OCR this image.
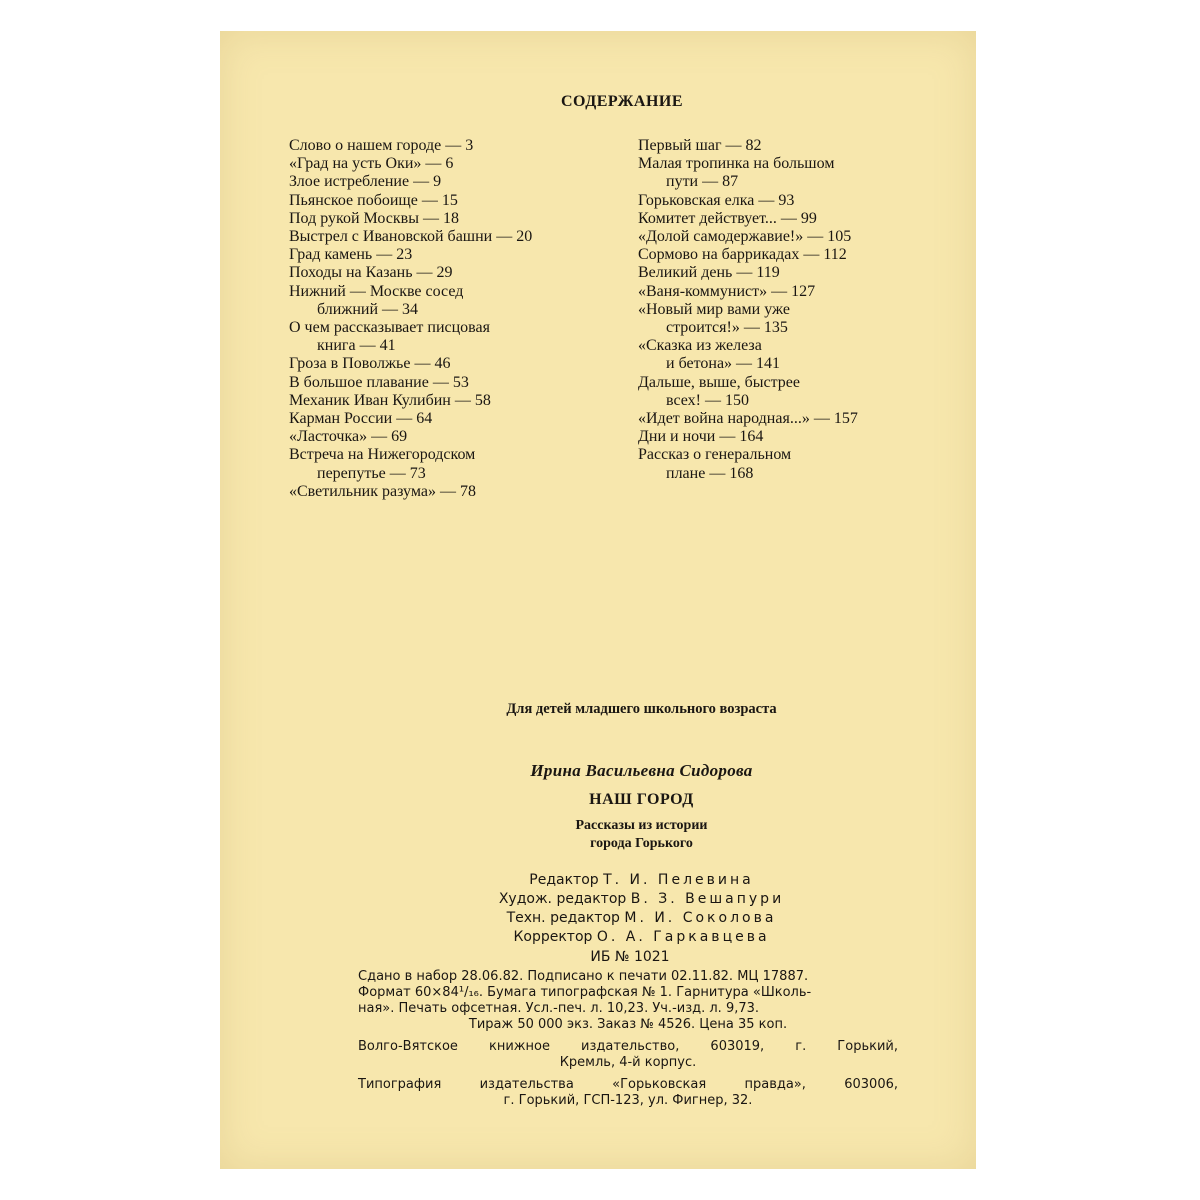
СОДЕРЖАНИЕ
Слово о нашем городе — 3
«Град на усть Оки» — 6
Злое истребление — 9
Пьянское побоище — 15
Под рукой Москвы — 18
Выстрел с Ивановской башни — 20
Град камень — 23
Походы на Казань — 29
Нижний — Москве сосед
ближний — 34
О чем рассказывает писцовая
книга — 41
Гроза в Поволжье — 46
В большое плавание — 53
Механик Иван Кулибин — 58
Карман России — 64
«Ласточка» — 69
Встреча на Нижегородском
перепутье — 73
«Светильник разума» — 78
Первый шаг — 82
Малая тропинка на большом
пути — 87
Горьковская елка — 93
Комитет действует... — 99
«Долой самодержавие!» — 105
Сормово на баррикадах — 112
Великий день — 119
«Ваня-коммунист» — 127
«Новый мир вами уже
строится!» — 135
«Сказка из железа
и бетона» — 141
Дальше, выше, быстрее
всех! — 150
«Идет война народная...» — 157
Дни и ночи — 164
Рассказ о генеральном
плане — 168
Для детей младшего школьного возраста
Ирина Васильевна Сидорова
НАШ ГОРОД
Рассказы из истории
города Горького
Редактор Т. И. Пелевина
Худож. редактор В. З. Вешапури
Техн. редактор М. И. Соколова
Корректор О. А. Гаркавцева
ИБ № 1021

Сдано в набор 28.06.82. Подписано к печати 02.11.82. МЦ 17887.

Формат 60×84¹/₁₆. Бумага типографская № 1. Гарнитура «Школь-

ная». Печать офсетная. Усл.-печ. л. 10,23. Уч.-изд. л. 9,73.

Тираж 50 000 экз. Заказ № 4526. Цена 35 коп.

Волго-Вятское книжное издательство, 603019, г. Горький,

Кремль, 4-й корпус.

Типография издательства «Горьковская правда», 603006,

г. Горький, ГСП-123, ул. Фигнер, 32.
